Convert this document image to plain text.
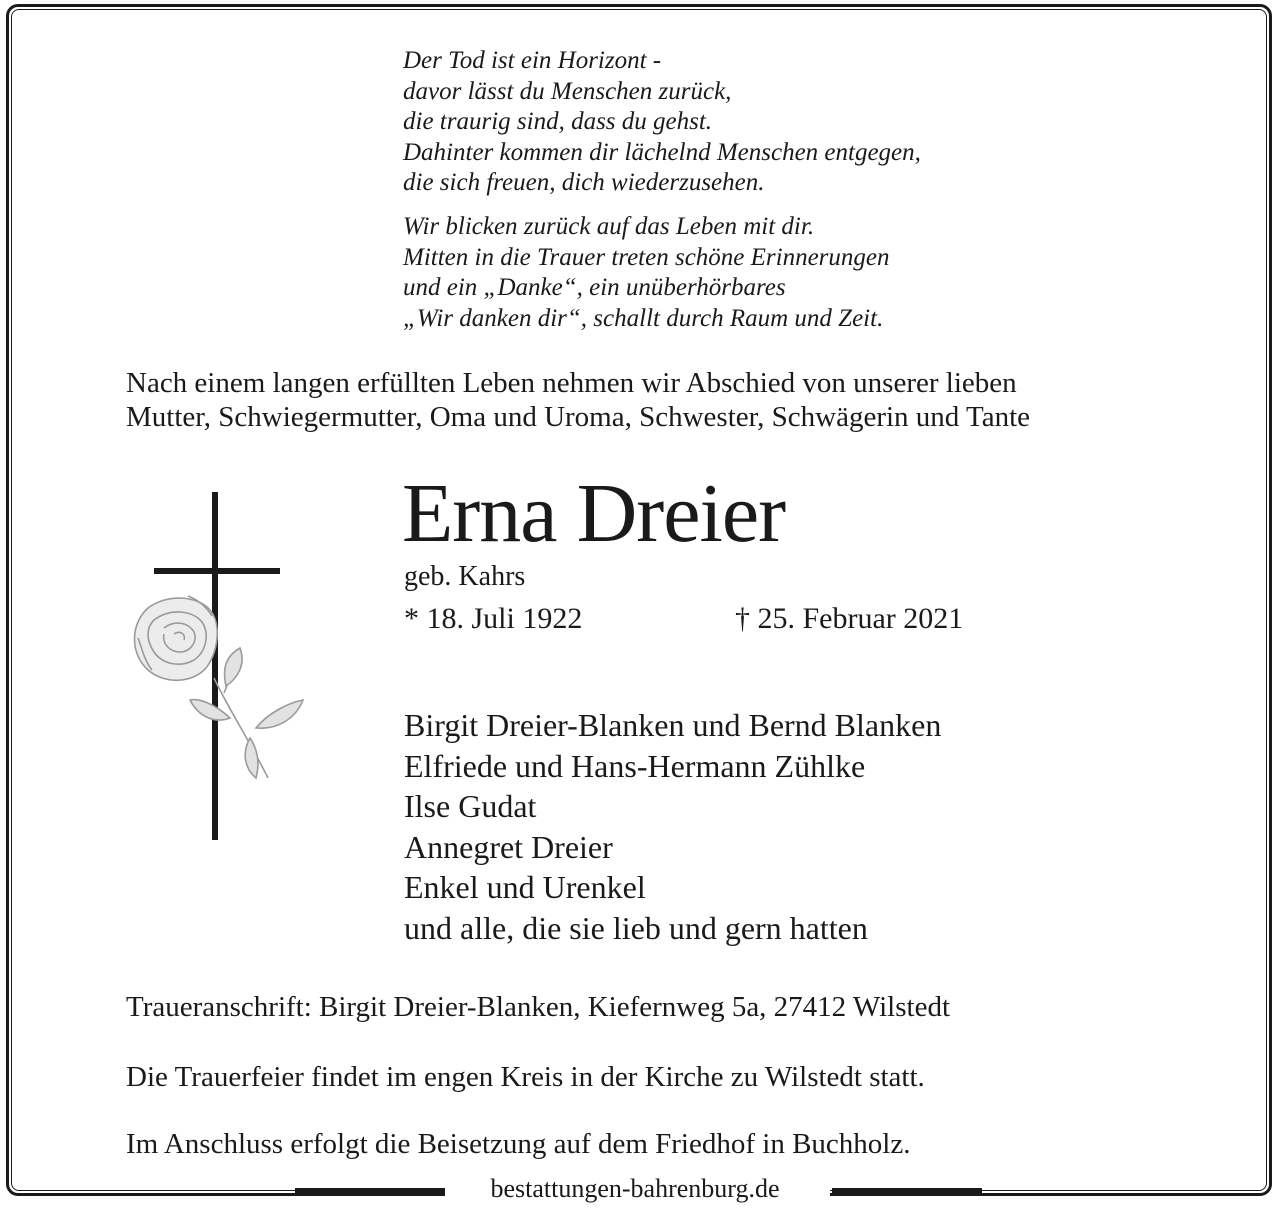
bestattungen-bahrenburg.de
Der Tod ist ein Horizont -
davor lässt du Menschen zurück,
die traurig sind, dass du gehst.
Dahinter kommen dir lächelnd Menschen entgegen,
die sich freuen, dich wiederzusehen.
Wir blicken zurück auf das Leben mit dir.
Mitten in die Trauer treten schöne Erinnerungen
und ein „Danke“, ein unüberhörbares
„Wir danken dir“, schallt durch Raum und Zeit.
Nach einem langen erfüllten Leben nehmen wir Abschied von unserer lieben
Mutter, Schwiegermutter, Oma und Uroma, Schwester, Schwägerin und Tante
Erna Dreier
geb. Kahrs
* 18. Juli 1922	† 25. Februar 2021
Birgit Dreier-Blanken und Bernd Blanken
Elfriede und Hans-Hermann Zühlke
Ilse Gudat
Annegret Dreier
Enkel und Urenkel
und alle, die sie lieb und gern hatten
Traueranschrift: Birgit Dreier-Blanken, Kiefernweg 5a, 27412 Wilstedt
Die Trauerfeier findet im engen Kreis in der Kirche zu Wilstedt statt.
Im Anschluss erfolgt die Beisetzung auf dem Friedhof in Buchholz.
